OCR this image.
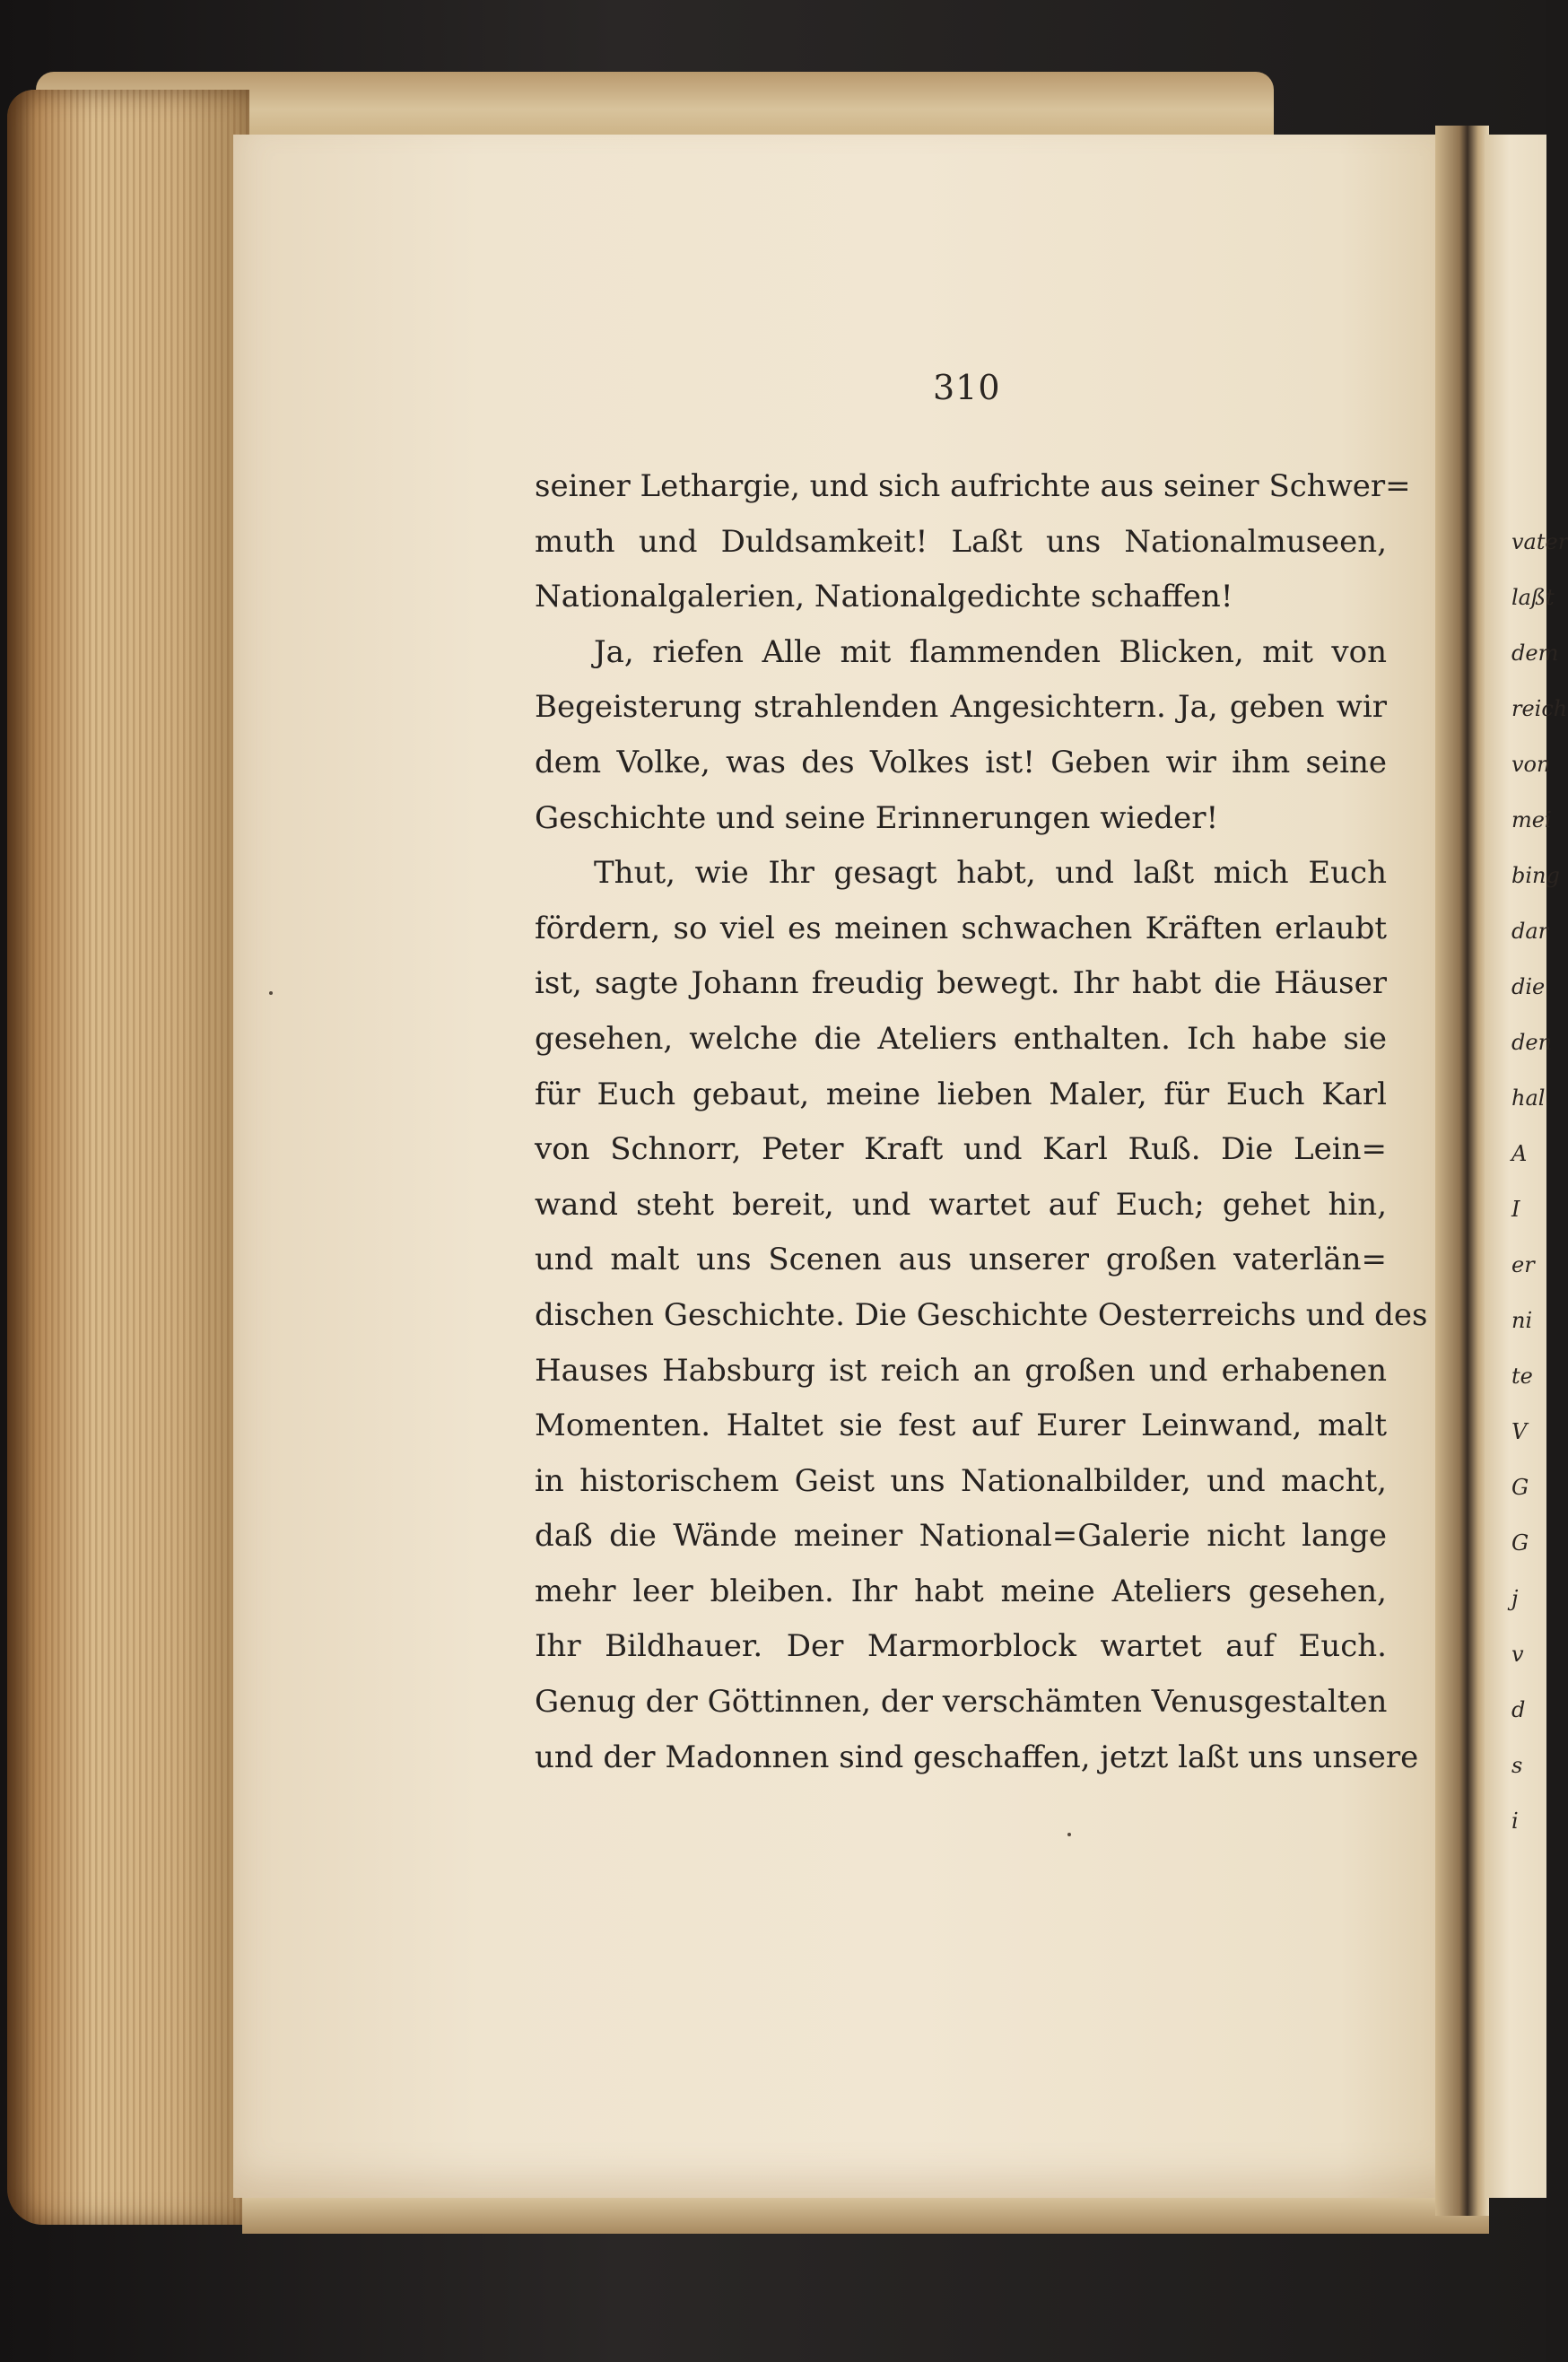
vater
laßt
dem
reich
von
mei
bing
dar
die
den
hal
A
I
er
ni
te
V
G
G
j
v
d
s
i
310
seiner Lethargie, und sich aufrichte aus seiner Schwer=
muth und Duldsamkeit! Laßt uns Nationalmuseen,
Nationalgalerien, Nationalgedichte schaffen!
Ja, riefen Alle mit flammenden Blicken, mit von
Begeisterung strahlenden Angesichtern. Ja, geben wir
dem Volke, was des Volkes ist! Geben wir ihm seine
Geschichte und seine Erinnerungen wieder!
Thut, wie Ihr gesagt habt, und laßt mich Euch
fördern, so viel es meinen schwachen Kräften erlaubt
ist, sagte Johann freudig bewegt. Ihr habt die Häuser
gesehen, welche die Ateliers enthalten. Ich habe sie
für Euch gebaut, meine lieben Maler, für Euch Karl
von Schnorr, Peter Kraft und Karl Ruß. Die Lein=
wand steht bereit, und wartet auf Euch; gehet hin,
und malt uns Scenen aus unserer großen vaterlän=
dischen Geschichte. Die Geschichte Oesterreichs und des
Hauses Habsburg ist reich an großen und erhabenen
Momenten. Haltet sie fest auf Eurer Leinwand, malt
in historischem Geist uns Nationalbilder, und macht,
daß die Wände meiner National=Galerie nicht lange
mehr leer bleiben. Ihr habt meine Ateliers gesehen,
Ihr Bildhauer. Der Marmorblock wartet auf Euch.
Genug der Göttinnen, der verschämten Venusgestalten
und der Madonnen sind geschaffen, jetzt laßt uns unsere
